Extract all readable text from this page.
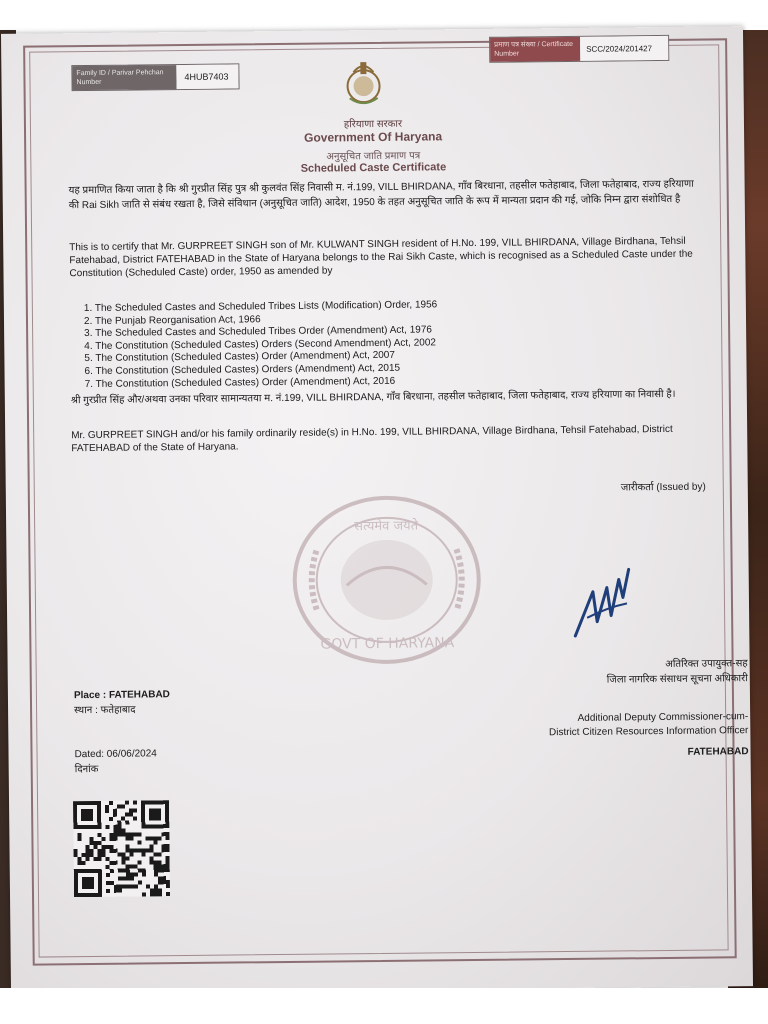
Family ID / Parivar Pehchan Number
4HUB7403
प्रमाण पत्र संख्या / Certificate Number
SCC/2024/201427
हरियाणा सरकार
Government Of Haryana
अनुसूचित जाति प्रमाण पत्र
Scheduled Caste Certificate
यह प्रमाणित किया जाता है कि श्री गुरप्रीत सिंह पुत्र श्री कुलवंत सिंह निवासी म. नं.199, VILL BHIRDANA, गाँव बिरधाना, तहसील फतेहाबाद, जिला फतेहाबाद, राज्य हरियाणा की Rai Sikh जाति से संबंध रखता है, जिसे संविधान (अनुसूचित जाति) आदेश, 1950 के तहत अनुसूचित जाति के रूप में मान्यता प्रदान की गई, जोकि निम्न द्वारा संशोधित है
This is to certify that Mr. GURPREET SINGH son of Mr. KULWANT SINGH resident of H.No. 199, VILL BHIRDANA, Village Birdhana, Tehsil Fatehabad, District FATEHABAD in the State of Haryana belongs to the Rai Sikh Caste, which is recognised as a Scheduled Caste under the Constitution (Scheduled Caste) order, 1950 as amended by
1. The Scheduled Castes and Scheduled Tribes Lists (Modification) Order, 1956
2. The Punjab Reorganisation Act, 1966
3. The Scheduled Castes and Scheduled Tribes Order (Amendment) Act, 1976
4. The Constitution (Scheduled Castes) Orders (Second Amendment) Act, 2002
5. The Constitution (Scheduled Castes) Order (Amendment) Act, 2007
6. The Constitution (Scheduled Castes) Orders (Amendment) Act, 2015
7. The Constitution (Scheduled Castes) Order (Amendment) Act, 2016
श्री गुरप्रीत सिंह और/अथवा उनका परिवार सामान्यतया म. नं.199, VILL BHIRDANA, गाँव बिरधाना, तहसील फतेहाबाद, जिला फतेहाबाद, राज्य हरियाणा का निवासी है।
Mr. GURPREET SINGH and/or his family ordinarily reside(s) in H.No. 199, VILL BHIRDANA, Village Birdhana, Tehsil Fatehabad, District FATEHABAD of the State of Haryana.
जारीकर्ता (Issued by)
सत्यमेव जयते
GOVT OF HARYANA
Place : FATEHABAD
स्थान : फतेहाबाद
अतिरिक्त उपायुक्त-सह
जिला नागरिक संसाधन सूचना अधिकारी
Additional Deputy Commissioner-cum-
District Citizen Resources Information Officer
Dated: 06/06/2024
दिनांक
FATEHABAD
